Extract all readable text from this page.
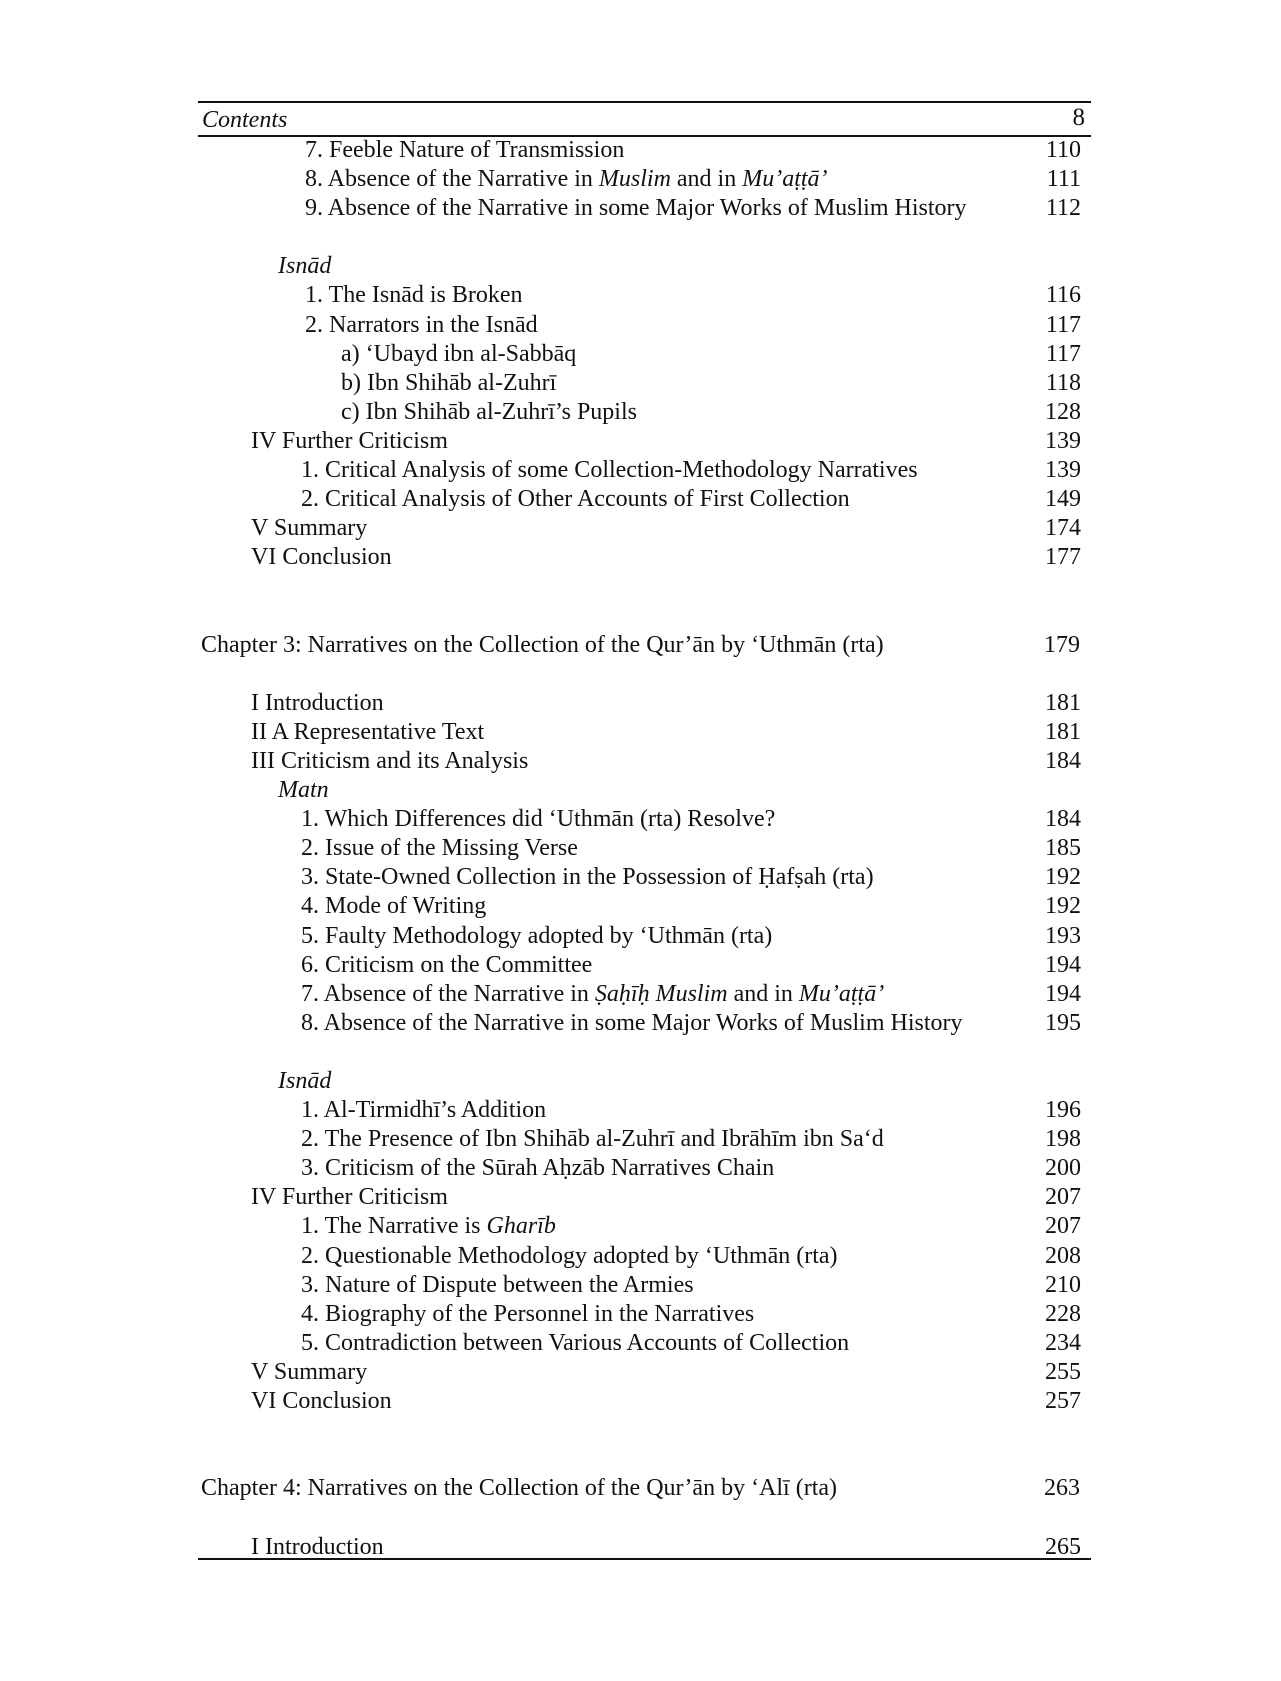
Contents	8
7. Feeble Nature of Transmission	110
8. Absence of the Narrative in Muslim and in Mu’aṭṭā’	111
9. Absence of the Narrative in some Major Works of Muslim History	112
Isnād
1. The Isnād is Broken	116
2. Narrators in the Isnād	117
a) ‘Ubayd ibn al-Sabbāq	117
b) Ibn Shihāb al-Zuhrī	118
c) Ibn Shihāb al-Zuhrī’s Pupils	128
IV Further Criticism	139
1. Critical Analysis of some Collection-Methodology Narratives	139
2. Critical Analysis of Other Accounts of First Collection	149
V Summary	174
VI Conclusion	177
Chapter 3: Narratives on the Collection of the Qur’ān by ‘Uthmān (rta)	179
I Introduction	181
II A Representative Text	181
III Criticism and its Analysis	184
Matn
1. Which Differences did ‘Uthmān (rta) Resolve?	184
2. Issue of the Missing Verse	185
3. State-Owned Collection in the Possession of Ḥafṣah (rta)	192
4. Mode of Writing	192
5. Faulty Methodology adopted by ‘Uthmān (rta)	193
6. Criticism on the Committee	194
7. Absence of the Narrative in Ṣaḥīḥ Muslim and in Mu’aṭṭā’	194
8. Absence of the Narrative in some Major Works of Muslim History	195
Isnād
1. Al-Tirmidhī’s Addition	196
2. The Presence of Ibn Shihāb al-Zuhrī and Ibrāhīm ibn Sa‘d	198
3. Criticism of the Sūrah Aḥzāb Narratives Chain	200
IV Further Criticism	207
1. The Narrative is Gharīb	207
2. Questionable Methodology adopted by ‘Uthmān (rta)	208
3. Nature of Dispute between the Armies	210
4. Biography of the Personnel in the Narratives	228
5. Contradiction between Various Accounts of Collection	234
V Summary	255
VI Conclusion	257
Chapter 4: Narratives on the Collection of the Qur’ān by ‘Alī (rta)	263
I Introduction	265
